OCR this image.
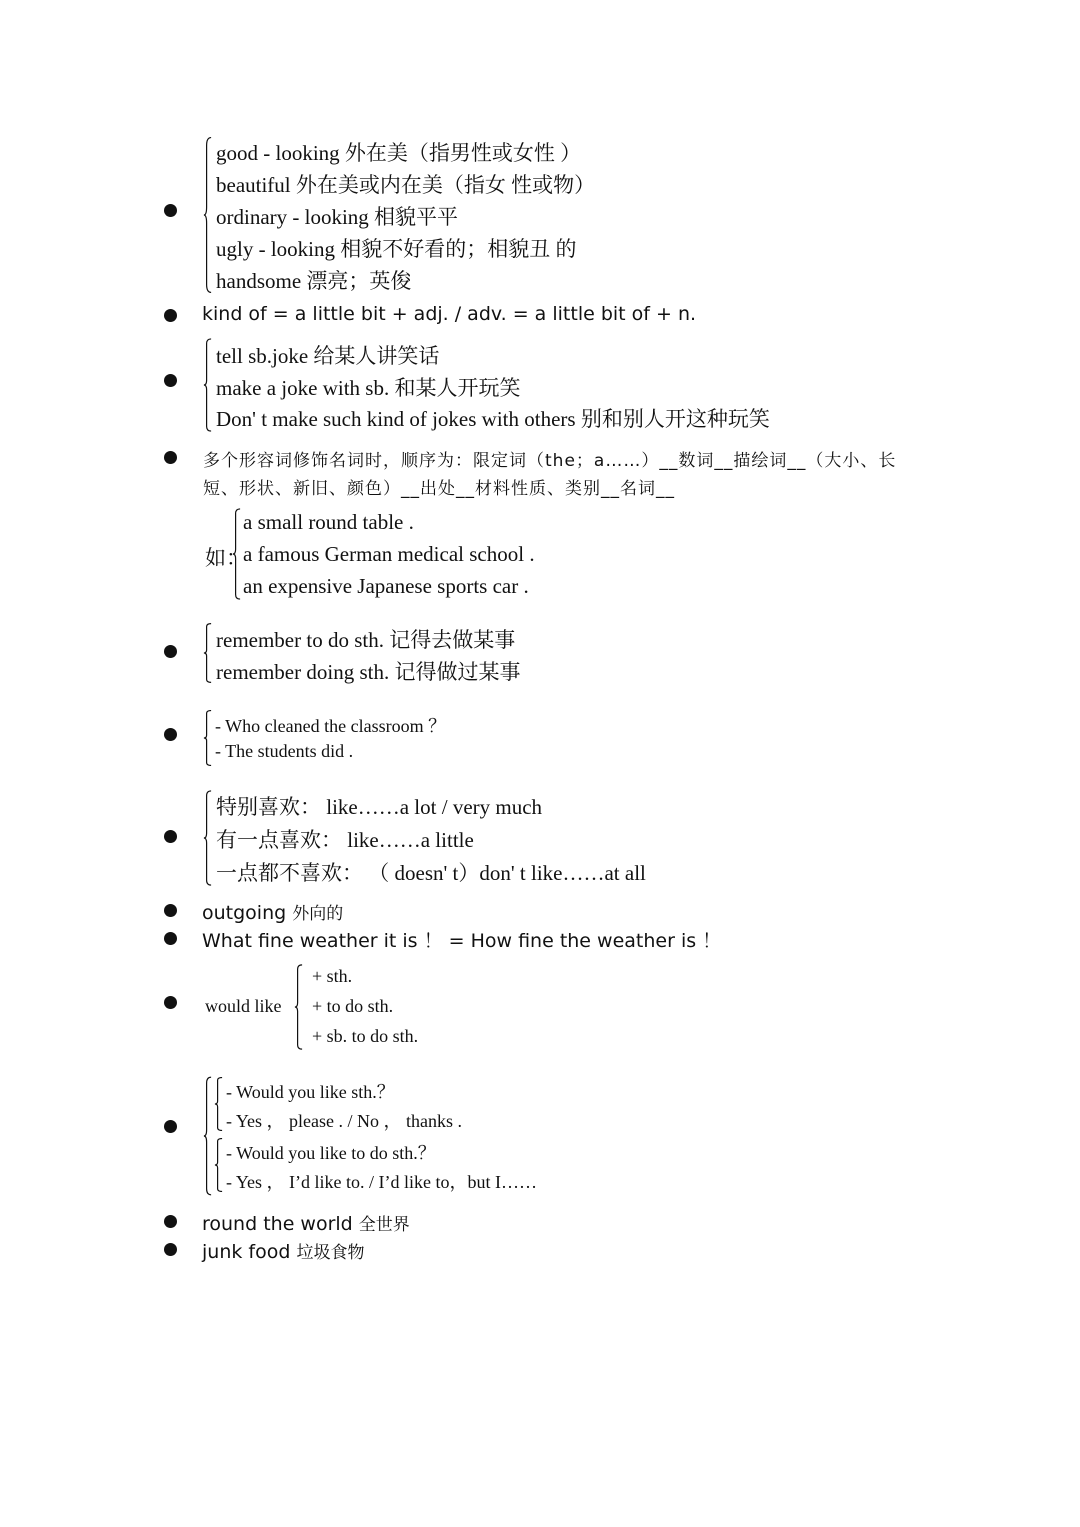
good - looking 外在美（指男性或女性 ）
beautiful 外在美或内在美（指女 性或物）
ordinary - looking 相貌平平
ugly - looking 相貌不好看的；相貌丑 的
handsome 漂亮；英俊
kind of = a little bit + adj. / adv. = a little bit of + n.
tell sb.joke 给某人讲笑话
make a joke with sb. 和某人开玩笑
Don' t make such kind of jokes with others 别和别人开这种玩笑
多个形容词修饰名词时，顺序为：限定词（the；a……）__数词__描绘词__（大小、长
短、形状、新旧、颜色）__出处__材料性质、类别__名词__
如：
a small round table .
a famous German medical school .
an expensive Japanese sports car .
remember to do sth. 记得去做某事
remember doing sth. 记得做过某事
- Who cleaned the classroom ？
- The students did .
特别喜欢： like……a lot / very much
有一点喜欢： like……a little
一点都不喜欢： （ doesn' t）don' t like……at all
outgoing 外向的
What fine weather it is ！ = How fine the weather is ！
would like
+ sth.
+ to do sth.
+ sb. to do sth.
- Would you like sth.？
- Yes ， please . / No ， thanks .
- Would you like to do sth.？
- Yes ， I’d like to. / I’d like to，but I……
round the world 全世界
junk food 垃圾食物
